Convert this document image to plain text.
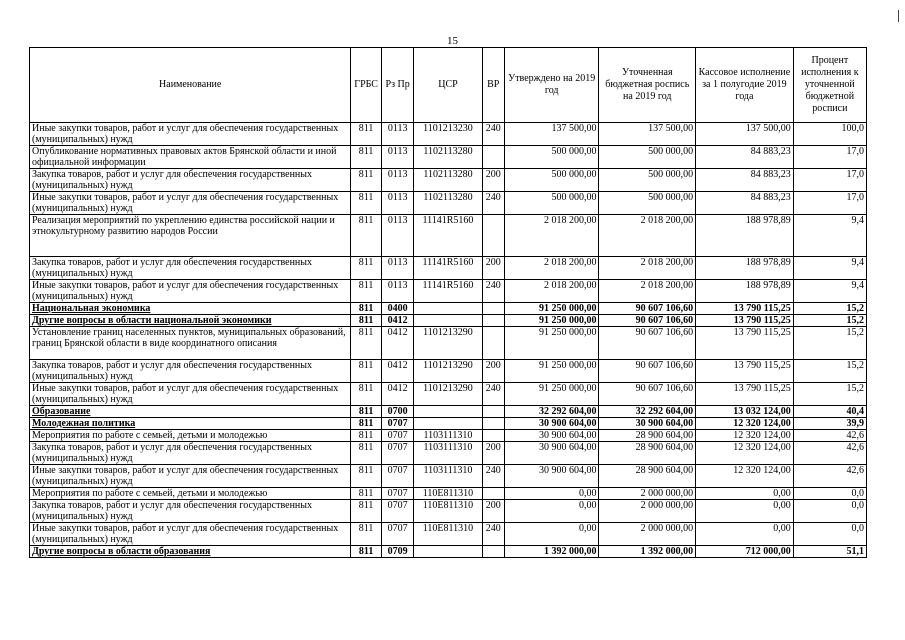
15
Наименование	ГРБС	Рз Пр	ЦСР	ВР	Утверждено на 2019 год	Уточненная бюджетная роспись на 2019 год	Кассовое исполнение за 1 полугодие 2019 года	Процент исполнения к уточненной бюджетной росписи
Иные закупки товаров, работ и услуг для обеспечения государственных (муниципальных) нужд	811	0113	1101213230	240	137 500,00	137 500,00	137 500,00	100,0
Опубликование нормативных правовых актов Брянской области и иной официальной информации	811	0113	1102113280		500 000,00	500 000,00	84 883,23	17,0
Закупка товаров, работ и услуг для обеспечения государственных (муниципальных) нужд	811	0113	1102113280	200	500 000,00	500 000,00	84 883,23	17,0
Иные закупки товаров, работ и услуг для обеспечения государственных (муниципальных) нужд	811	0113	1102113280	240	500 000,00	500 000,00	84 883,23	17,0
Реализация мероприятий по укреплению единства российской нации и этнокультурному развитию народов России	811	0113	11141R5160		2 018 200,00	2 018 200,00	188 978,89	9,4
Закупка товаров, работ и услуг для обеспечения государственных (муниципальных) нужд	811	0113	11141R5160	200	2 018 200,00	2 018 200,00	188 978,89	9,4
Иные закупки товаров, работ и услуг для обеспечения государственных (муниципальных) нужд	811	0113	11141R5160	240	2 018 200,00	2 018 200,00	188 978,89	9,4
Национальная экономика	811	0400			91 250 000,00	90 607 106,60	13 790 115,25	15,2
Другие вопросы в области национальной экономики	811	0412			91 250 000,00	90 607 106,60	13 790 115,25	15,2
Установление границ населенных пунктов, муниципальных образований, границ Брянской области в виде координатного описания	811	0412	1101213290		91 250 000,00	90 607 106,60	13 790 115,25	15,2
Закупка товаров, работ и услуг для обеспечения государственных (муниципальных) нужд	811	0412	1101213290	200	91 250 000,00	90 607 106,60	13 790 115,25	15,2
Иные закупки товаров, работ и услуг для обеспечения государственных (муниципальных) нужд	811	0412	1101213290	240	91 250 000,00	90 607 106,60	13 790 115,25	15,2
Образование	811	0700			32 292 604,00	32 292 604,00	13 032 124,00	40,4
Молодежная политика	811	0707			30 900 604,00	30 900 604,00	12 320 124,00	39,9
Мероприятия по работе с семьей, детьми и молодежью	811	0707	1103111310		30 900 604,00	28 900 604,00	12 320 124,00	42,6
Закупка товаров, работ и услуг для обеспечения государственных (муниципальных) нужд	811	0707	1103111310	200	30 900 604,00	28 900 604,00	12 320 124,00	42,6
Иные закупки товаров, работ и услуг для обеспечения государственных (муниципальных) нужд	811	0707	1103111310	240	30 900 604,00	28 900 604,00	12 320 124,00	42,6
Мероприятия по работе с семьей, детьми и молодежью	811	0707	110E811310		0,00	2 000 000,00	0,00	0,0
Закупка товаров, работ и услуг для обеспечения государственных (муниципальных) нужд	811	0707	110E811310	200	0,00	2 000 000,00	0,00	0,0
Иные закупки товаров, работ и услуг для обеспечения государственных (муниципальных) нужд	811	0707	110E811310	240	0,00	2 000 000,00	0,00	0,0
Другие вопросы в области образования	811	0709			1 392 000,00	1 392 000,00	712 000,00	51,1
